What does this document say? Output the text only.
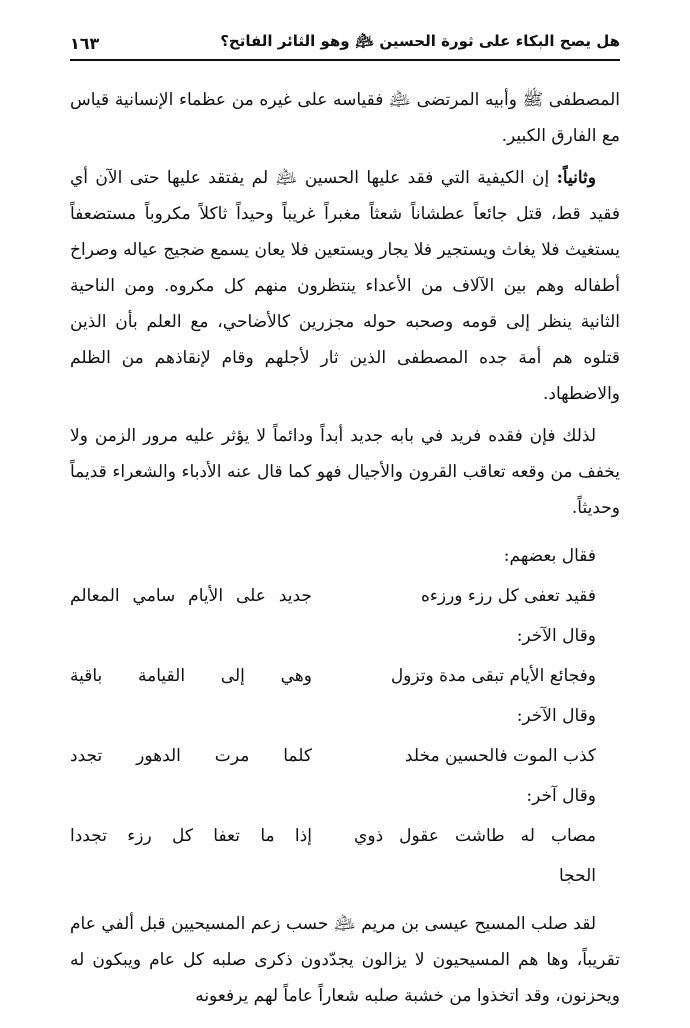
هل يصح البكاء على ثورة الحسين ﵇ وهو الثائر الفاتح؟
١٦٣

المصطفى ﷺ وأبيه المرتضى ﵇ فقياسه على غيره من عظماء الإنسانية قياس مع الفارق الكبير.

وثانياً: إن الكيفية التي فقد عليها الحسين ﵇ لم يفتقد عليها حتى الآن أي فقيد قط، قتل جائعاً عطشاناً شعثاً مغبراً غريباً وحيداً ثاكلاً مكروباً مستضعفاً يستغيث فلا يغاث ويستجير فلا يجار ويستعين فلا يعان يسمع ضجيج عياله وصراخ أطفاله وهم بين الآلاف من الأعداء ينتظرون منهم كل مكروه. ومن الناحية الثانية ينظر إلى قومه وصحبه حوله مجزرين كالأضاحي، مع العلم بأن الذين قتلوه هم أمة جده المصطفى الذين ثار لأجلهم وقام لإنقاذهم من الظلم والاضطهاد.

لذلك فإن فقده فريد في بابه جديد أبداً ودائماً لا يؤثر عليه مرور الزمن ولا يخفف من وقعه تعاقب القرون والأجيال فهو كما قال عنه الأدباء والشعراء قديماً وحديثاً.

فقال بعضهم:
فقيد تعفى كل رزء ورزءه
جديد على الأيام سامي المعالم
وقال الآخر:
وفجائع الأيام تبقى مدة وتزول
وهي إلى القيامة باقية
وقال الآخر:
كذب الموت فالحسين مخلد
كلما مرت الدهور تجدد
وقال آخر:
مصاب له طاشت عقول ذوي الحجا
إذا ما تعفا كل رزء تجددا

لقد صلب المسيح عيسى بن مريم ﵇ حسب زعم المسيحيين قبل ألفي عام تقريباً، وها هم المسيحيون لا يزالون يجدّدون ذكرى صلبه كل عام ويبكون له ويحزنون، وقد اتخذوا من خشبة صلبه شعاراً عاماً لهم يرفعونه
